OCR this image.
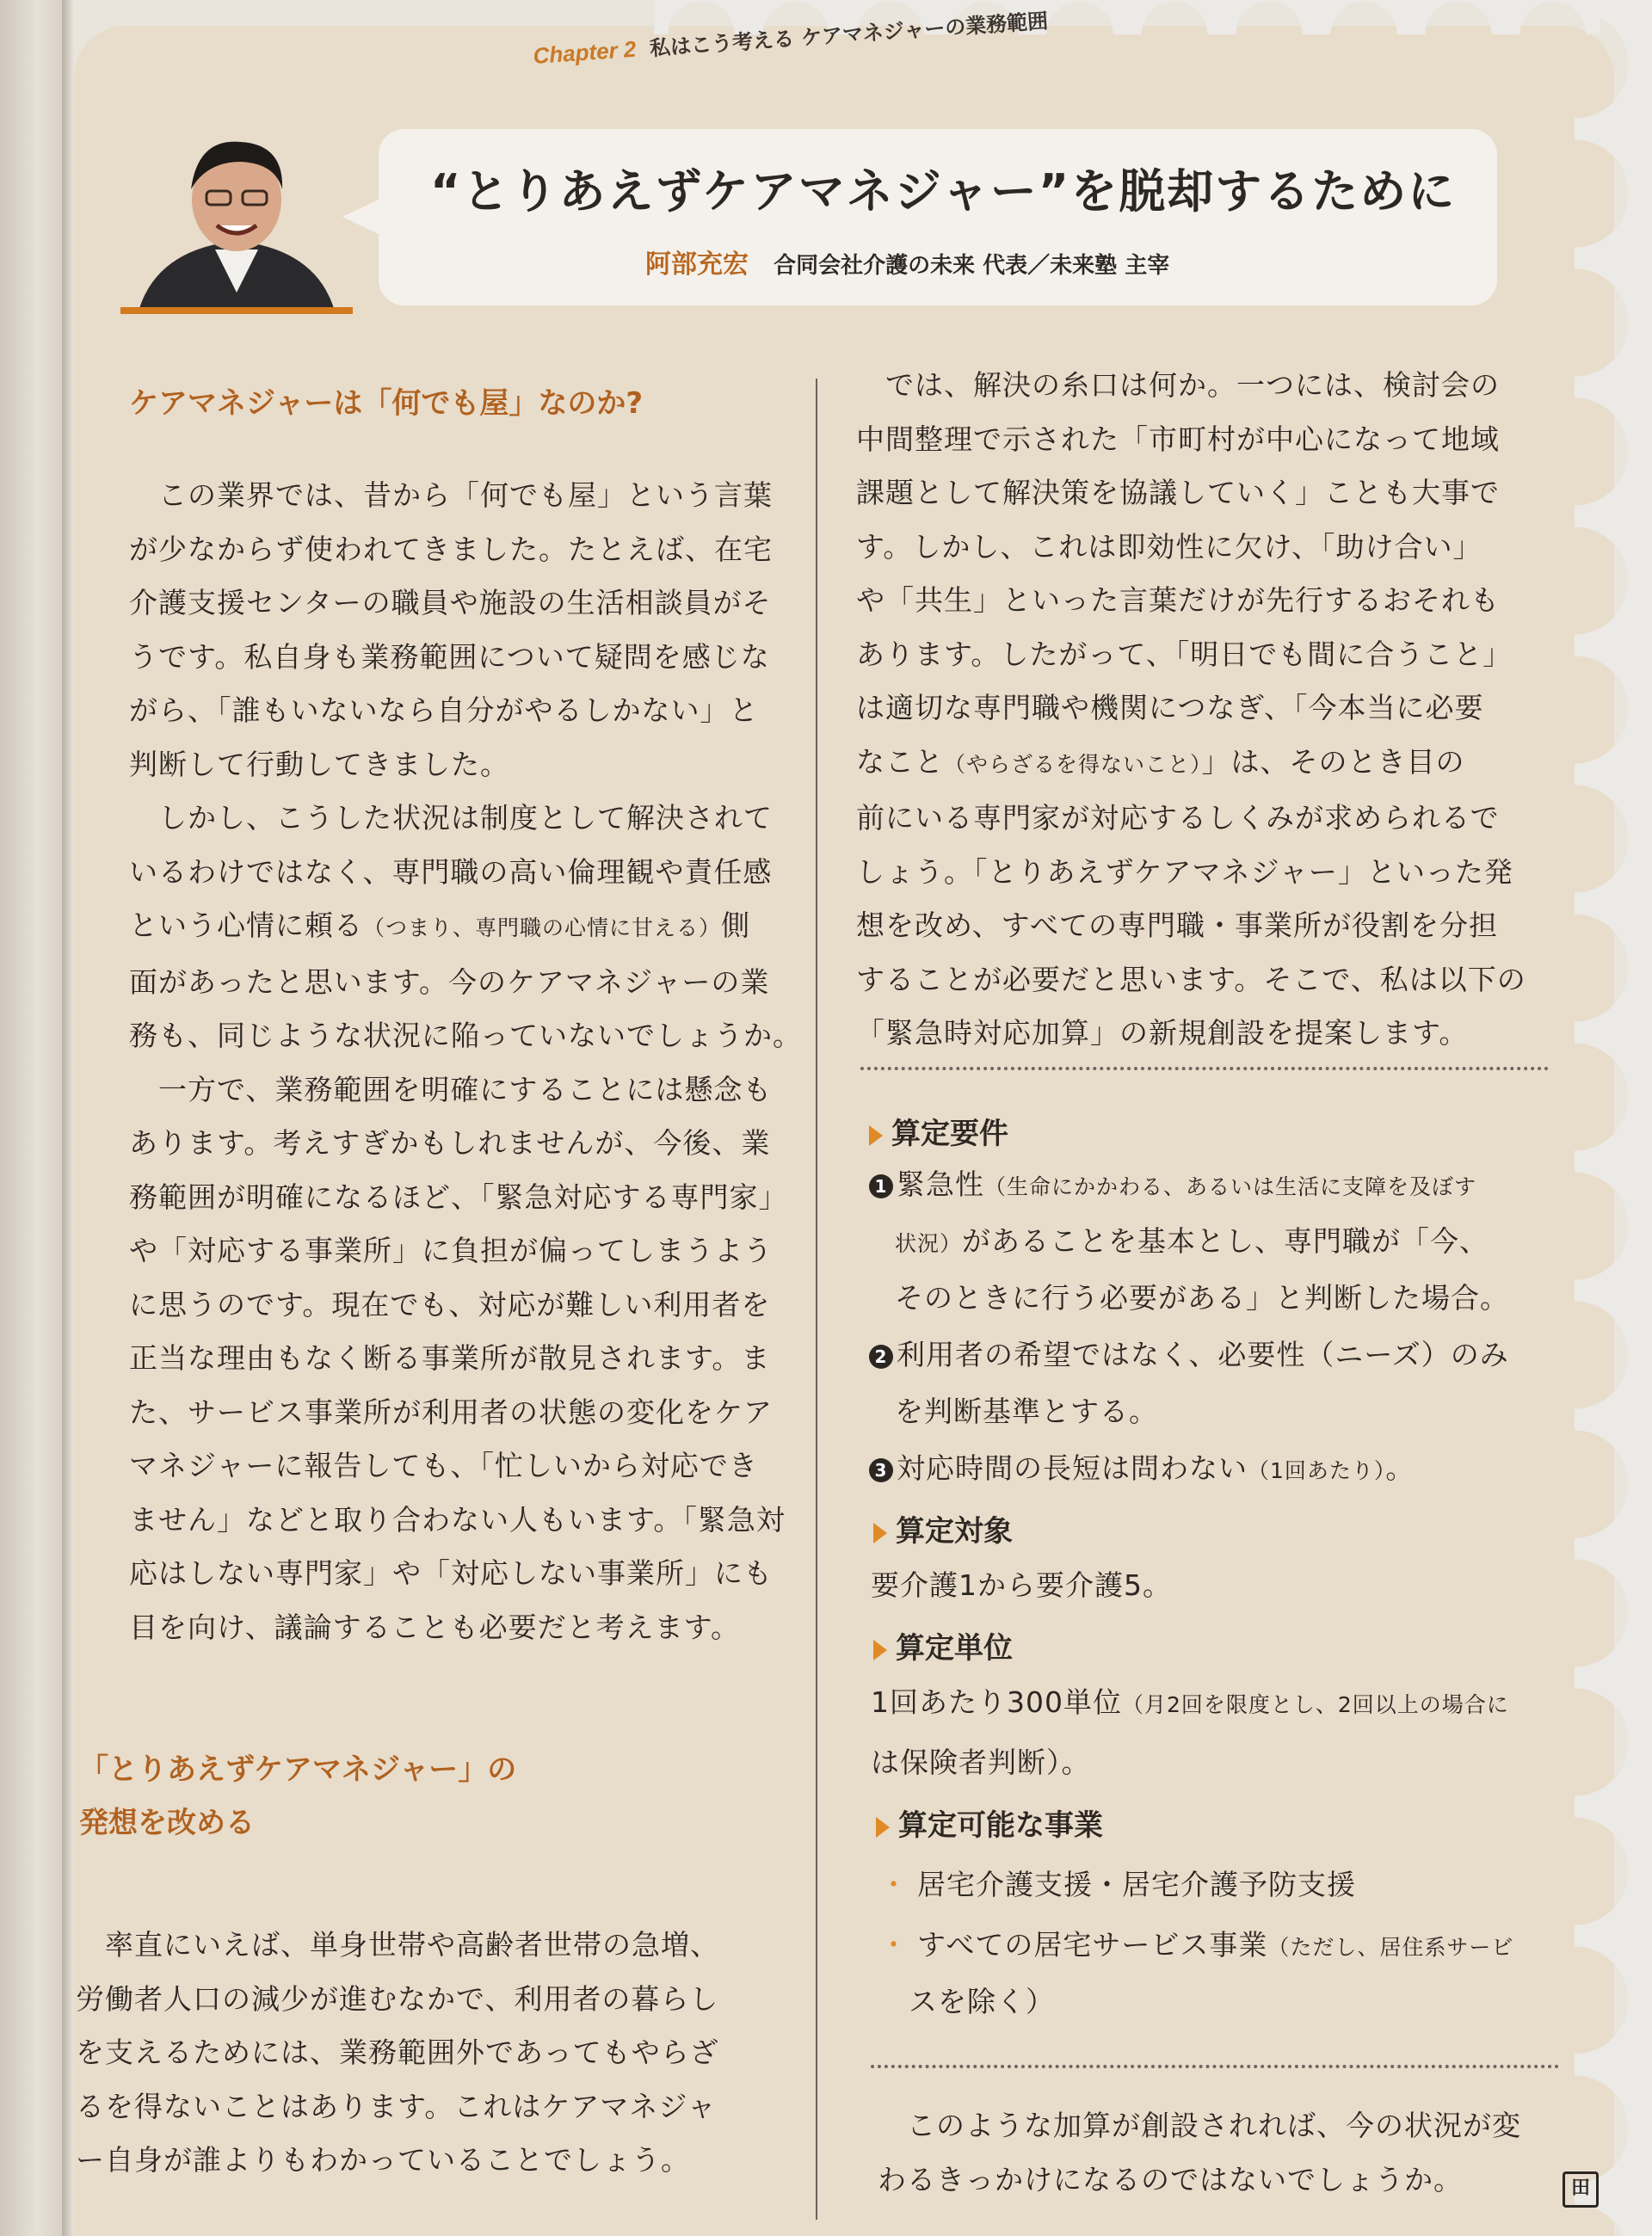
Chapter 2 私はこう考える ケアマネジャーの業務範囲
“とりあえずケアマネジャー”を脱却するために
阿部充宏 合同会社介護の未来 代表／未来塾 主宰
ケアマネジャーは「何でも屋」なのか?

　この業界では、昔から「何でも屋」という言葉

が少なからず使われてきました。たとえば、在宅

介護支援センターの職員や施設の生活相談員がそ

うです。私自身も業務範囲について疑問を感じな

がら、「誰もいないなら自分がやるしかない」と

判断して行動してきました。

　しかし、こうした状況は制度として解決されて

いるわけではなく、専門職の高い倫理観や責任感

という心情に頼る（つまり、専門職の心情に甘える）側

面があったと思います。今のケアマネジャーの業

務も、同じような状況に陥っていないでしょうか。

　一方で、業務範囲を明確にすることには懸念も

あります。考えすぎかもしれませんが、今後、業

務範囲が明確になるほど、「緊急対応する専門家」

や「対応する事業所」に負担が偏ってしまうよう

に思うのです。現在でも、対応が難しい利用者を

正当な理由もなく断る事業所が散見されます。ま

た、サービス事業所が利用者の状態の変化をケア

マネジャーに報告しても、「忙しいから対応でき

ません」などと取り合わない人もいます。「緊急対

応はしない専門家」や「対応しない事業所」にも

目を向け、議論することも必要だと考えます。

「とりあえずケアマネジャー」の
発想を改める

　率直にいえば、単身世帯や高齢者世帯の急増、

労働者人口の減少が進むなかで、利用者の暮らし

を支えるためには、業務範囲外であってもやらざ

るを得ないことはあります。これはケアマネジャ

ー自身が誰よりもわかっていることでしょう。

　では、解決の糸口は何か。一つには、検討会の

中間整理で示された「市町村が中心になって地域

課題として解決策を協議していく」ことも大事で

す。しかし、これは即効性に欠け、「助け合い」

や「共生」といった言葉だけが先行するおそれも

あります。したがって、「明日でも間に合うこと」

は適切な専門職や機関につなぎ、「今本当に必要

なこと（やらざるを得ないこと）」は、そのとき目の

前にいる専門家が対応するしくみが求められるで

しょう。「とりあえずケアマネジャー」といった発

想を改め、すべての専門職・事業所が役割を分担

することが必要だと思います。そこで、私は以下の

「緊急時対応加算」の新規創設を提案します。

算定要件
1 緊急性（生命にかかわる、あるいは生活に支障を及ぼす
状況）があることを基本とし、専門職が「今、
そのときに行う必要がある」と判断した場合。
2 利用者の希望ではなく、必要性（ニーズ）のみ
を判断基準とする。
3 対応時間の長短は問わない（1回あたり）。
算定対象
要介護1から要介護5。
算定単位
1回あたり300単位（月2回を限度とし、2回以上の場合に
は保険者判断）。
算定可能な事業
・ 居宅介護支援・居宅介護予防支援
・ すべての居宅サービス事業（ただし、居住系サービ
スを除く）

　このような加算が創設されれば、今の状況が変

わるきっかけになるのではないでしょうか。	田
